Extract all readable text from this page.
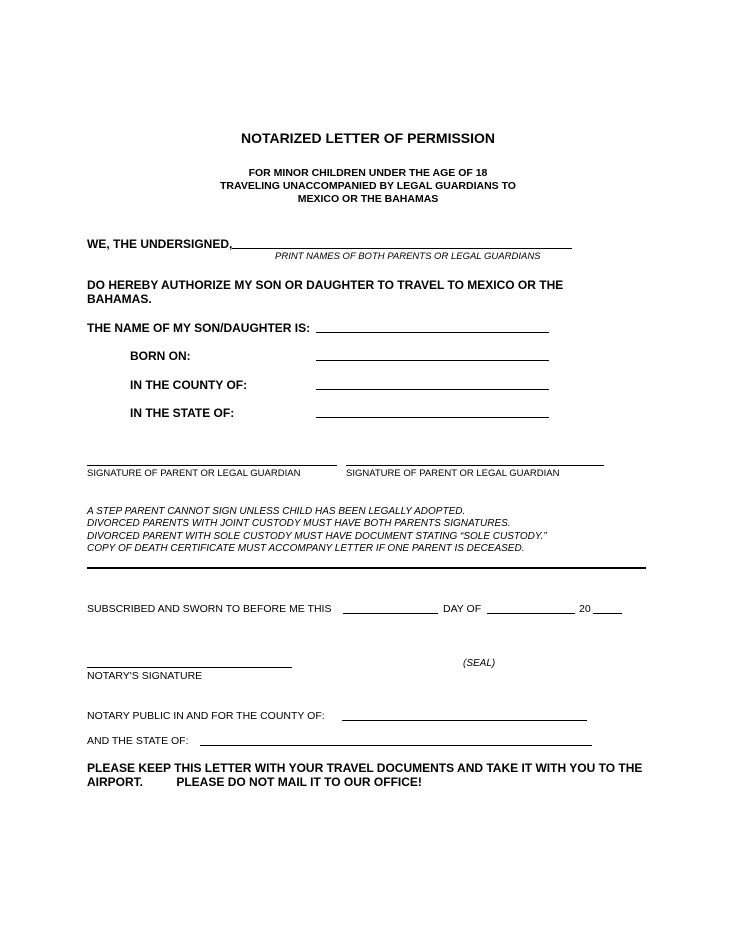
NOTARIZED LETTER OF PERMISSION
FOR MINOR CHILDREN UNDER THE AGE OF 18
TRAVELING UNACCOMPANIED BY LEGAL GUARDIANS TO
MEXICO OR THE BAHAMAS
WE, THE UNDERSIGNED,
PRINT NAMES OF BOTH PARENTS OR LEGAL GUARDIANS
DO HEREBY AUTHORIZE MY SON OR DAUGHTER TO TRAVEL TO MEXICO OR THE
BAHAMAS.
THE NAME OF MY SON/DAUGHTER IS:
BORN ON:
IN THE COUNTY OF:
IN THE STATE OF:
SIGNATURE OF PARENT OR LEGAL GUARDIAN	SIGNATURE OF PARENT OR LEGAL GUARDIAN
A STEP PARENT CANNOT SIGN UNLESS CHILD HAS BEEN LEGALLY ADOPTED.
DIVORCED PARENTS WITH JOINT CUSTODY MUST HAVE BOTH PARENTS SIGNATURES.
DIVORCED PARENT WITH SOLE CUSTODY MUST HAVE DOCUMENT STATING “SOLE CUSTODY.”
COPY OF DEATH CERTIFICATE MUST ACCOMPANY LETTER IF ONE PARENT IS DECEASED.
SUBSCRIBED AND SWORN TO BEFORE ME THIS	DAY OF	20
NOTARY'S SIGNATURE
(SEAL)
NOTARY PUBLIC IN AND FOR THE COUNTY OF:
AND THE STATE OF:
PLEASE KEEP THIS LETTER WITH YOUR TRAVEL DOCUMENTS AND TAKE IT WITH YOU TO THE
AIRPORT.          PLEASE DO NOT MAIL IT TO OUR OFFICE!
